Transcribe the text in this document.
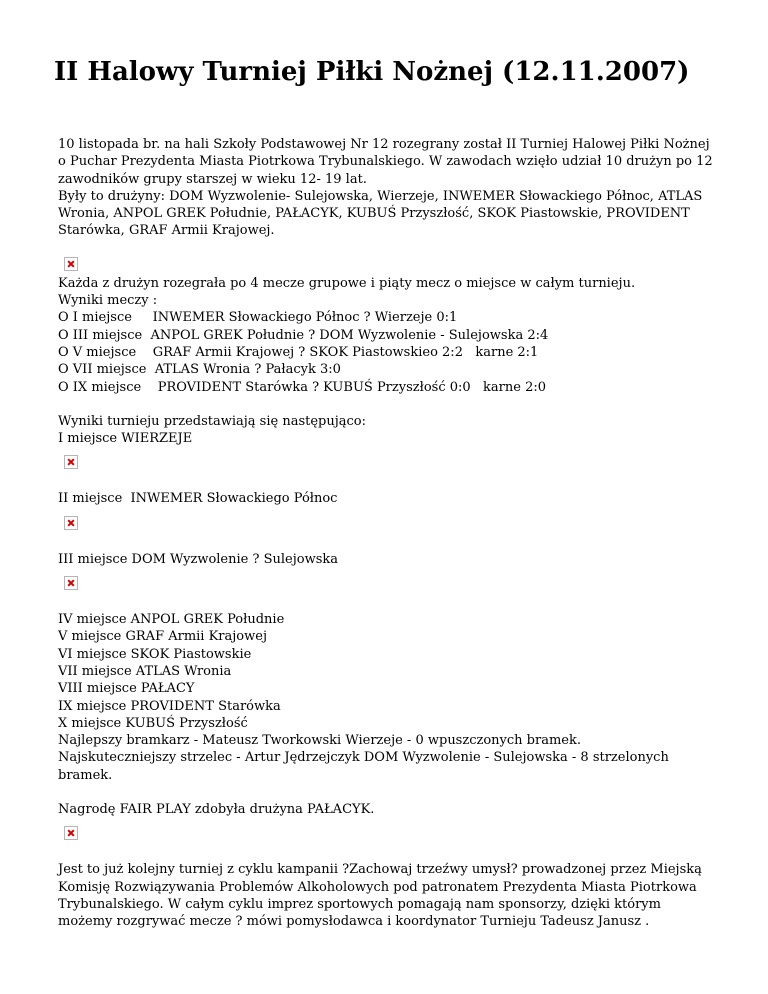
II Halowy Turniej Piłki Nożnej (12.11.2007)

10 listopada br. na hali Szkoły Podstawowej Nr 12 rozegrany został II Turniej Halowej Piłki Nożnej o Puchar Prezydenta Miasta Piotrkowa Trybunalskiego. W zawodach wzięło udział 10 drużyn po 12 zawodników grupy starszej w wieku 12- 19 lat.

Były to drużyny: DOM Wyzwolenie- Sulejowska, Wierzeje, INWEMER Słowackiego Północ, ATLAS Wronia, ANPOL GREK Południe, PAŁACYK, KUBUŚ Przyszłość, SKOK Piastowskie, PROVIDENT Starówka, GRAF Armii Krajowej.

Każda z drużyn rozegrała po 4 mecze grupowe i piąty mecz o miejsce w całym turnieju.
Wyniki meczy :
O I miejsce     INWEMER Słowackiego Północ ? Wierzeje 0:1
O III miejsce  ANPOL GREK Południe ? DOM Wyzwolenie - Sulejowska 2:4
O V miejsce    GRAF Armii Krajowej ? SKOK Piastowskieo 2:2   karne 2:1
O VII miejsce  ATLAS Wronia ? Pałacyk 3:0
O IX miejsce    PROVIDENT Starówka ? KUBUŚ Przyszłość 0:0   karne 2:0
Wyniki turnieju przedstawiają się następująco:
I miejsce WIERZEJE
II miejsce  INWEMER Słowackiego Północ
III miejsce DOM Wyzwolenie ? Sulejowska
IV miejsce ANPOL GREK Południe
V miejsce GRAF Armii Krajowej
VI miejsce SKOK Piastowskie
VII miejsce ATLAS Wronia
VIII miejsce PAŁACY
IX miejsce PROVIDENT Starówka
X miejsce KUBUŚ Przyszłość
Najlepszy bramkarz - Mateusz Tworkowski Wierzeje - 0 wpuszczonych bramek.
Najskuteczniejszy strzelec - Artur Jędrzejczyk DOM Wyzwolenie - Sulejowska - 8 strzelonych bramek.
Nagrodę FAIR PLAY zdobyła drużyna PAŁACYK.

Jest to już kolejny turniej z cyklu kampanii ?Zachowaj trzeźwy umysł? prowadzonej przez Miejską Komisję Rozwiązywania Problemów Alkoholowych pod patronatem Prezydenta Miasta Piotrkowa Trybunalskiego. W całym cyklu imprez sportowych pomagają nam sponsorzy, dzięki którym możemy rozgrywać mecze ? mówi pomysłodawca i koordynator Turnieju Tadeusz Janusz .
